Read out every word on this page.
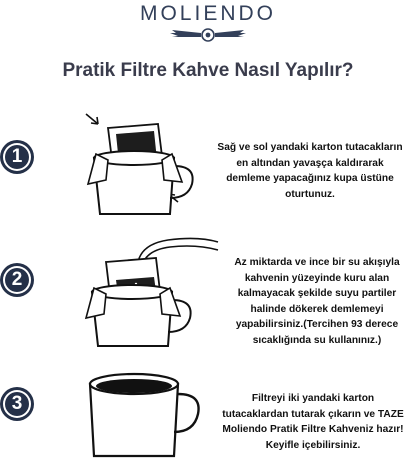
MOLIENDO
Pratik Filtre Kahve Nasıl Yapılır?
1	Sağ ve sol yandaki karton tutacakların en altından yavaşça kaldırarak demleme yapacağınız kupa üstüne oturtunuz.
2
Az miktarda ve ince bir su akışıyla kahvenin yüzeyinde kuru alan kalmayacak şekilde suyu partiler halinde dökerek demlemeyi yapabilirsiniz.(Tercihen 93 derece sıcaklığında su kullanınız.)
3	Filtreyi iki yandaki karton tutacaklardan tutarak çıkarın ve TAZE Moliendo Pratik Filtre Kahveniz hazır! Keyifle içebilirsiniz.
